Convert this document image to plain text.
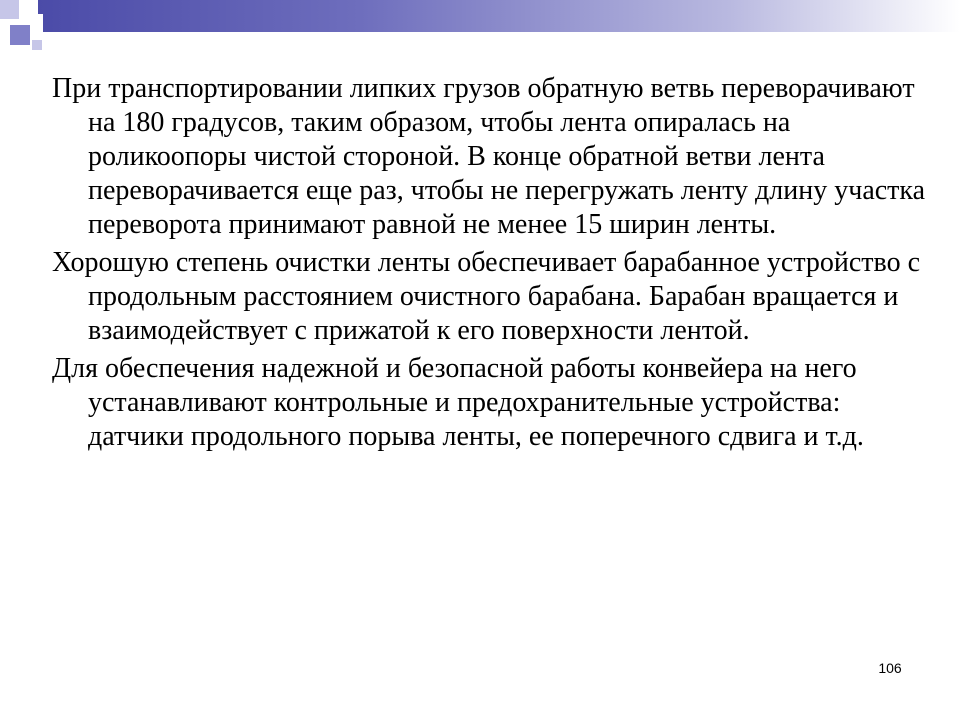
При транспортировании липких грузов обратную ветвь переворачивают на 180 градусов, таким образом, чтобы лента опиралась на роликоопоры чистой стороной. В конце обратной ветви лента переворачивается еще раз, чтобы не перегружать ленту длину участка переворота принимают равной не менее 15 ширин ленты.

Хорошую степень очистки ленты обеспечивает барабанное устройство с продольным расстоянием очистного барабана. Барабан вращается и взаимодействует с прижатой к его поверхности лентой.

Для обеспечения надежной и безопасной работы конвейера на него устанавливают контрольные и предохранительные устройства: датчики продольного порыва ленты, ее поперечного сдвига и т.д.

106
